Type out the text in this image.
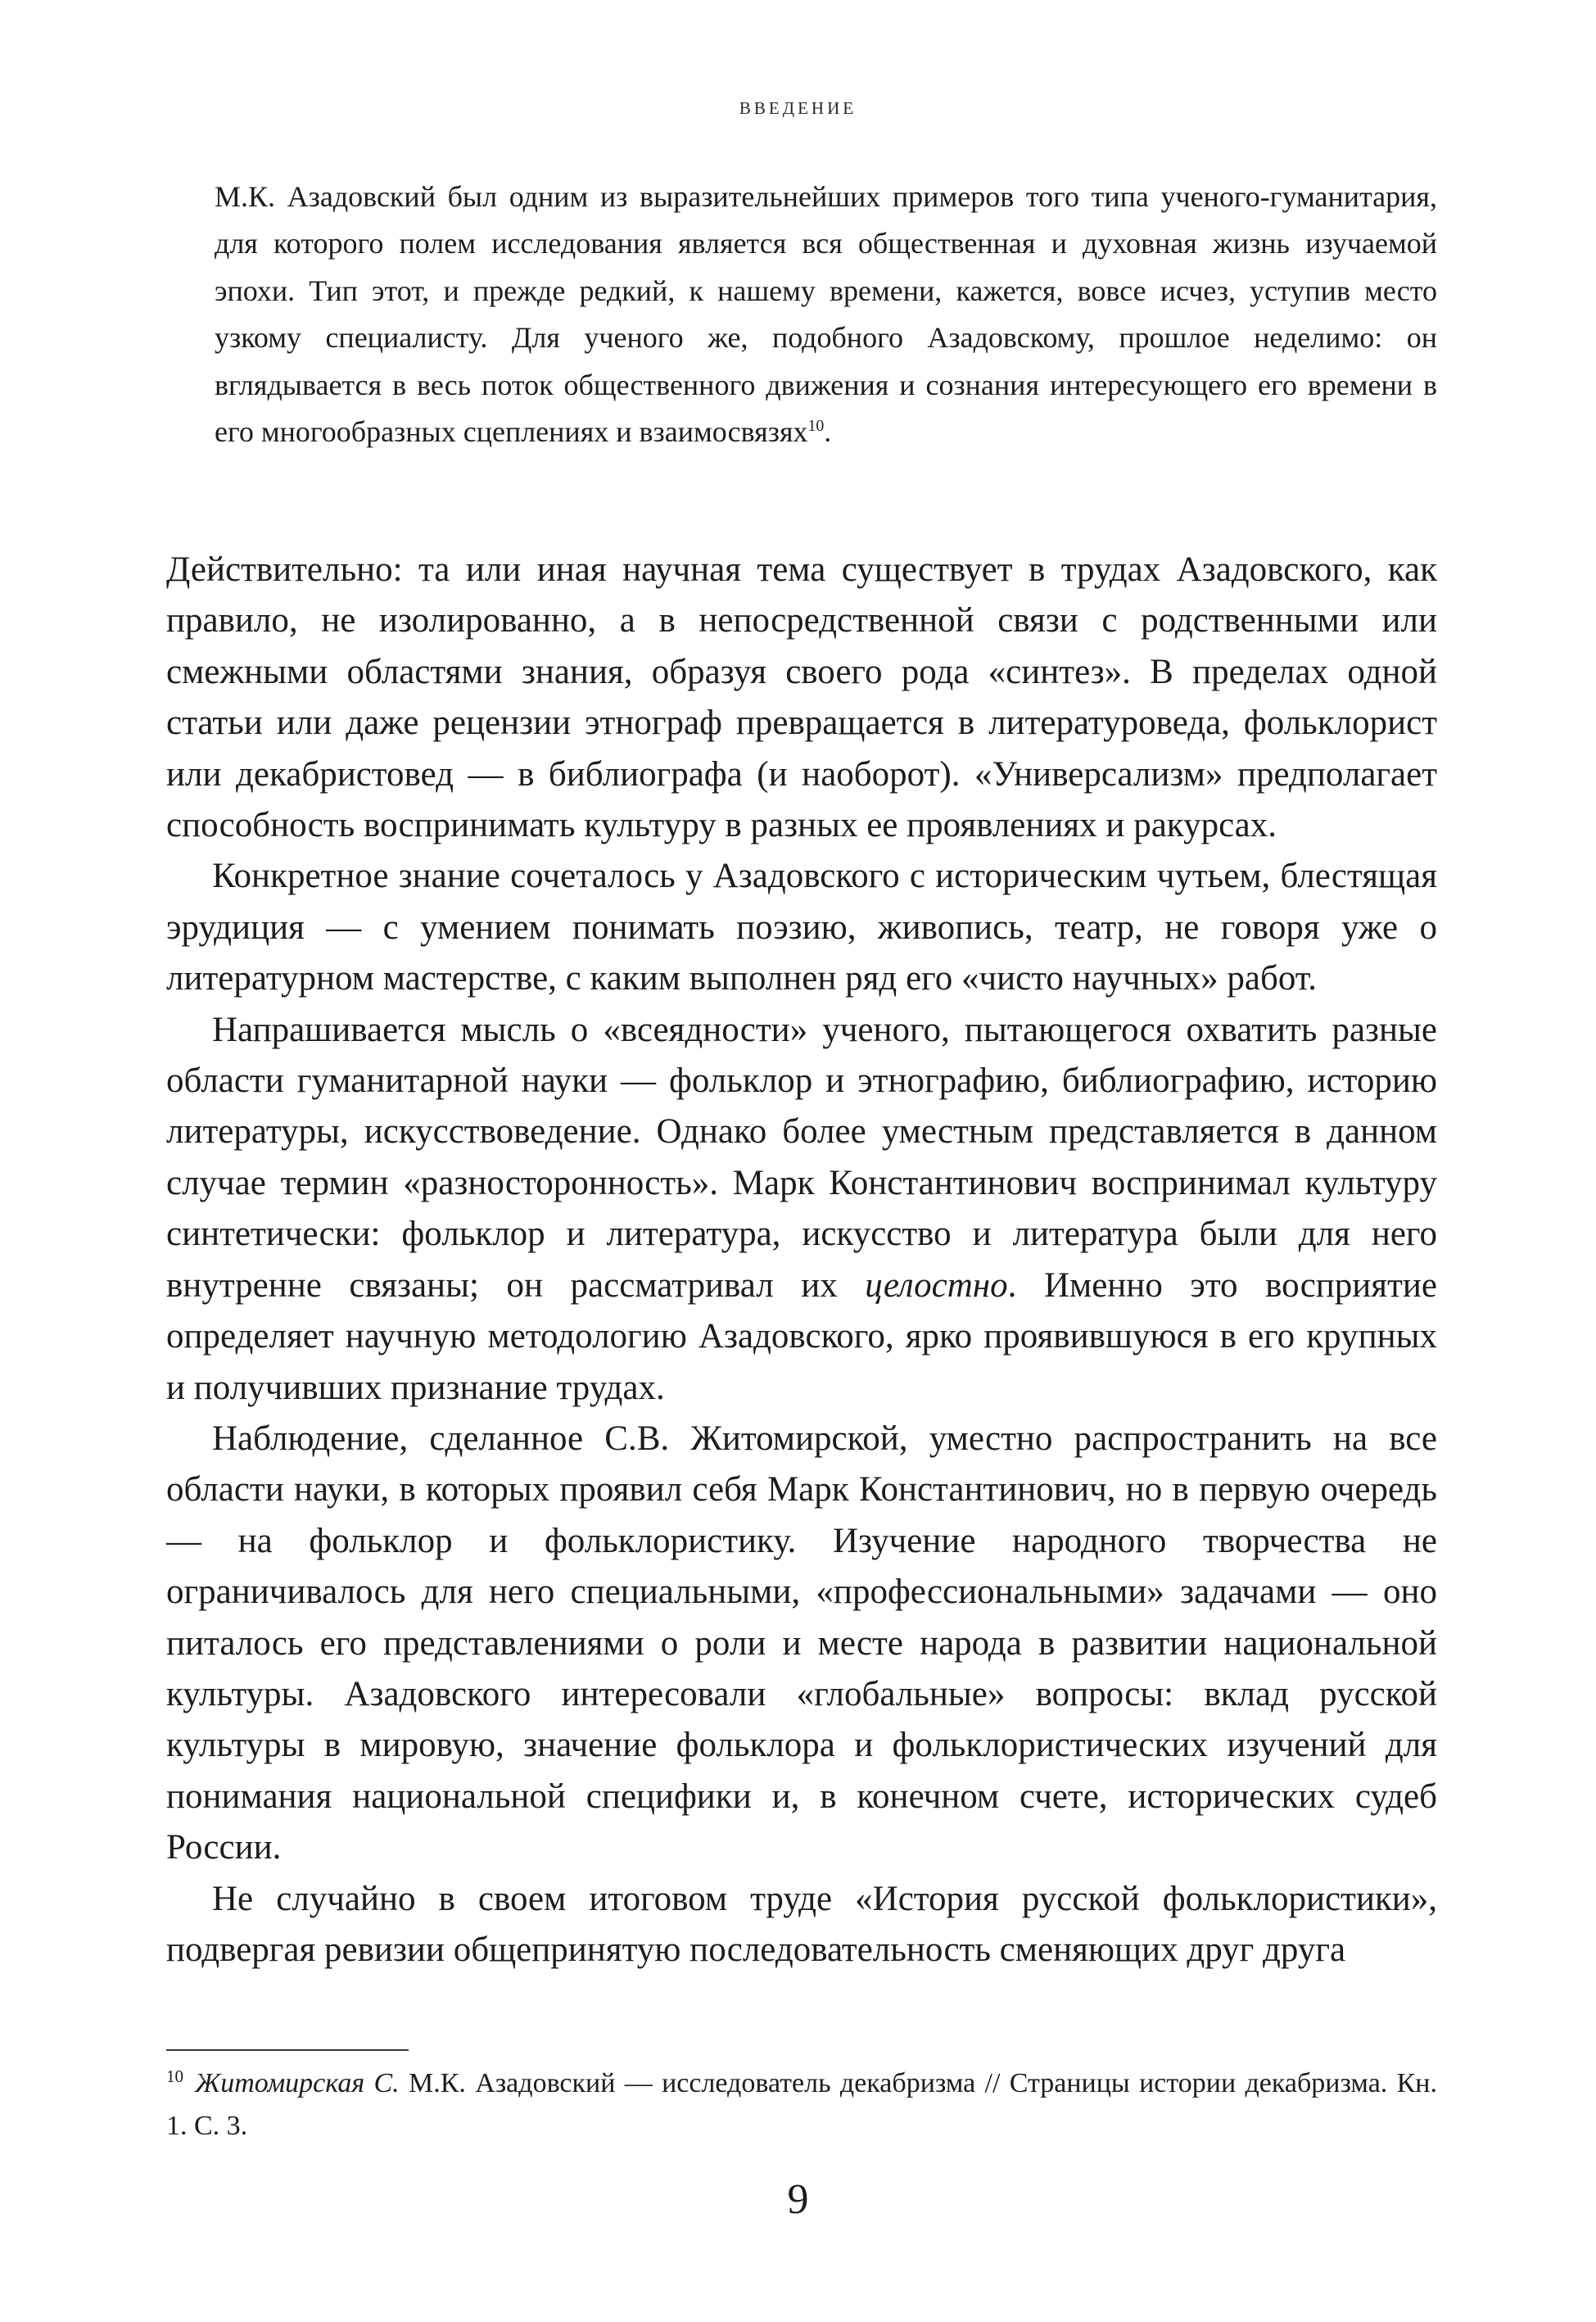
ВВЕДЕНИЕ
М.К. Азадовский был одним из выразительнейших примеров того типа ученого-гуманитария, для которого полем исследования является вся общественная и духовная жизнь изучаемой эпохи. Тип этот, и прежде редкий, к нашему времени, кажется, вовсе исчез, уступив место узкому специалисту. Для ученого же, подобного Азадовскому, прошлое неделимо: он вглядывается в весь поток общественного движения и сознания интересующего его времени в его многообразных сцеплениях и взаимосвязях$^{10}$.

Действительно: та или иная научная тема существует в трудах Азадовского, как правило, не изолированно, а в непосредственной связи с родственными или смежными областями знания, образуя своего рода «синтез». В пределах одной статьи или даже рецензии этнограф превращается в литературоведа, фольклорист или декабристовед — в библиографа (и наоборот). «Универсализм» предполагает способность воспринимать культуру в разных ее проявлениях и ракурсах.

Конкретное знание сочеталось у Азадовского с историческим чутьем, блестящая эрудиция — с умением понимать поэзию, живопись, театр, не говоря уже о литературном мастерстве, с каким выполнен ряд его «чисто научных» работ.

Напрашивается мысль о «всеядности» ученого, пытающегося охватить разные области гуманитарной науки — фольклор и этнографию, библиографию, историю литературы, искусствоведение. Однако более уместным представляется в данном случае термин «разносторонность». Марк Константинович воспринимал культуру синтетически: фольклор и литература, искусство и литература были для него внутренне связаны; он рассматривал их целостно. Именно это восприятие определяет научную методологию Азадовского, ярко проявившуюся в его крупных и получивших признание трудах.

Наблюдение, сделанное С.В. Житомирской, уместно распространить на все области науки, в которых проявил себя Марк Константинович, но в первую очередь — на фольклор и фольклористику. Изучение народного творчества не ограничивалось для него специальными, «профессиональными» задачами — оно питалось его представлениями о роли и месте народа в развитии национальной культуры. Азадовского интересовали «глобальные» вопросы: вклад русской культуры в мировую, значение фольклора и фольклористических изучений для понимания национальной специфики и, в конечном счете, исторических судеб России.

Не случайно в своем итоговом труде «История русской фольклористики», подвергая ревизии общепринятую последовательность сменяющих друг друга

$^{10}$ Житомирская С. М.К. Азадовский — исследователь декабризма // Страницы истории декабризма. Кн. 1. С. 3.
9
